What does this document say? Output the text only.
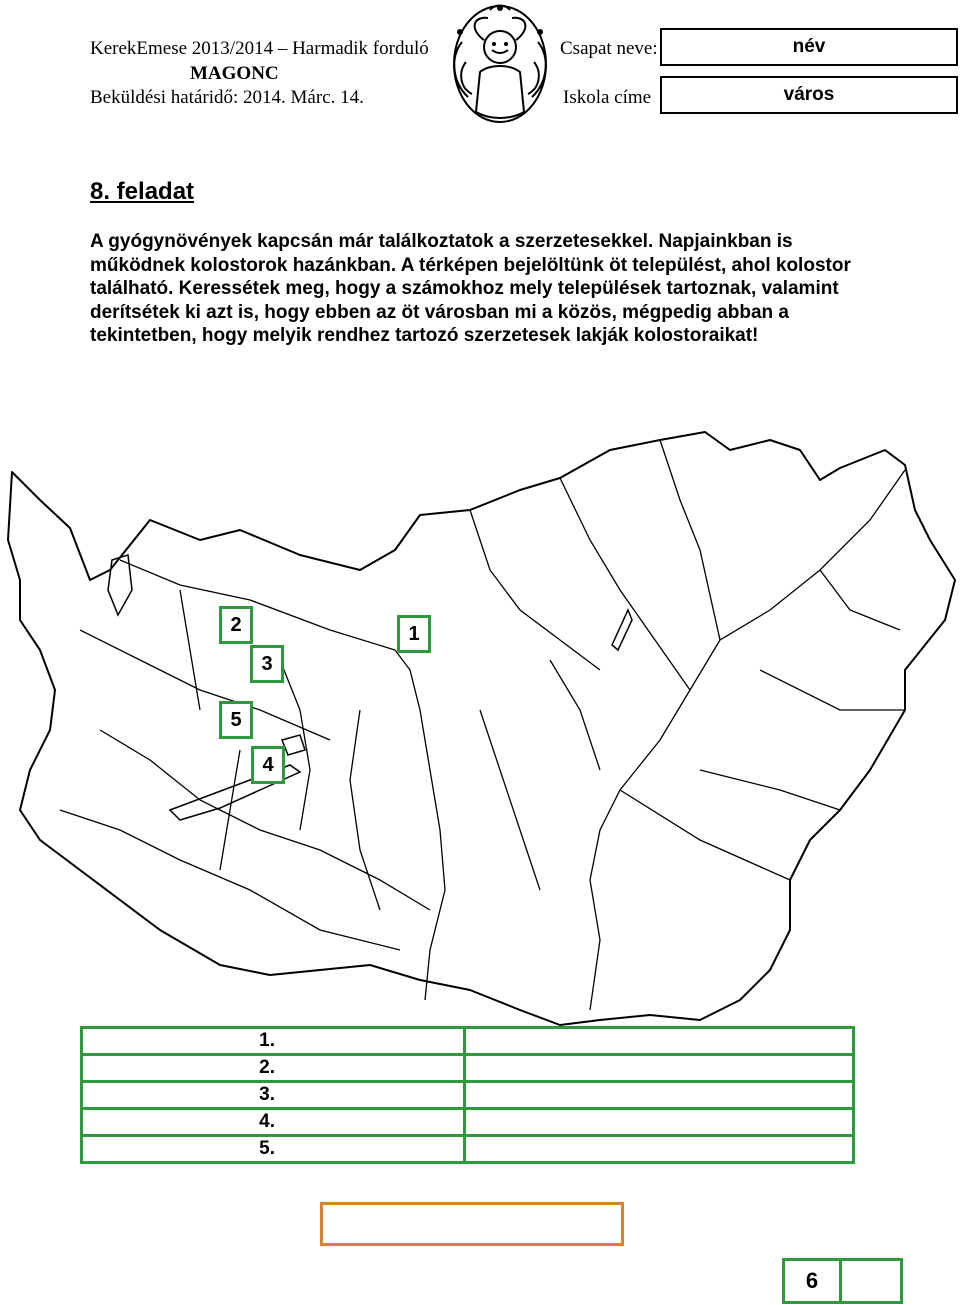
KerekEmese 2013/2014 – Harmadik forduló
MAGONC
Beküldési határidő: 2014. Márc. 14.
Csapat neve:	név
Iskola címe	város
8. feladat
A gyógynövények kapcsán már találkoztatok a szerzetesekkel. Napjainkban is működnek kolostorok hazánkban. A térképen bejelöltünk öt települést, ahol kolostor található. Keressétek meg, hogy a számokhoz mely települések tartoznak, valamint derítsétek ki azt is, hogy ebben az öt városban mi a közös, mégpedig abban a tekintetben, hogy melyik rendhez tartozó szerzetesek lakják kolostoraikat!
2
3
1
5
4
1.	
2.	
3.	
4.	
5.	
6
